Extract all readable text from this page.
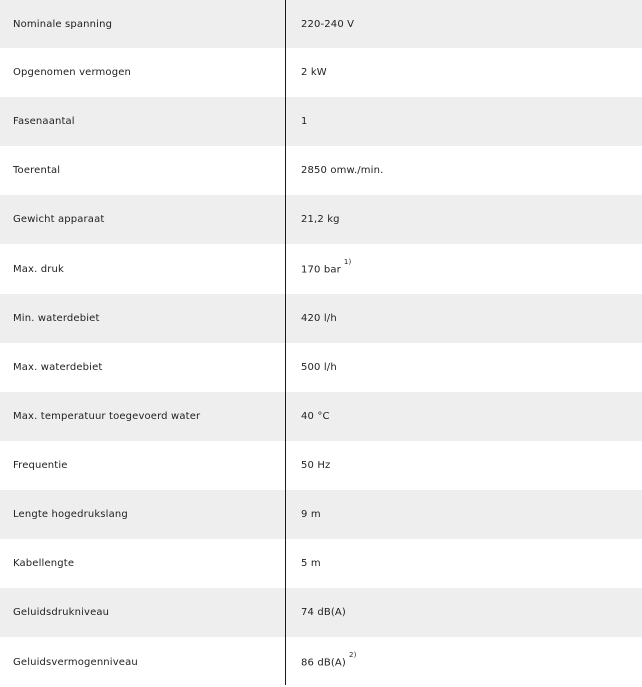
Nominale spanning	220-240 V
Opgenomen vermogen	2 kW
Fasenaantal	1
Toerental	2850 omw./min.
Gewicht apparaat	21,2 kg
Max. druk	170 bar$^{1)}$
Min. waterdebiet	420 l/h
Max. waterdebiet	500 l/h
Max. temperatuur toegevoerd water	40 °C
Frequentie	50 Hz
Lengte hogedrukslang	9 m
Kabellengte	5 m
Geluidsdrukniveau	74 dB(A)
Geluidsvermogenniveau	86 dB(A)$^{2)}$
